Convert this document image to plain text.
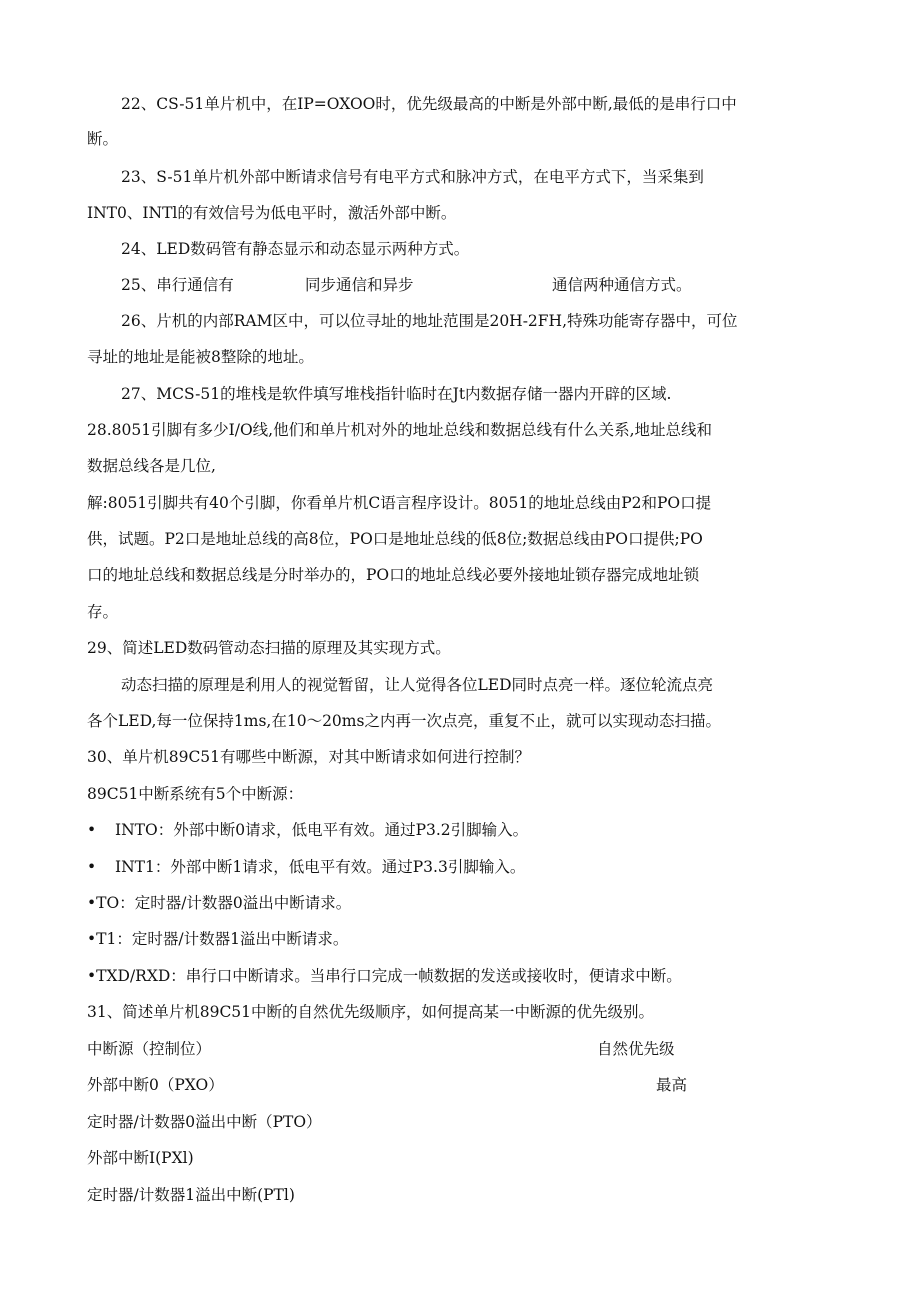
22、CS-51单片机中，在IP=OXOO时，优先级最高的中断是外部中断,最低的是串行口中
断。
23、S-51单片机外部中断请求信号有电平方式和脉冲方式，在电平方式下，当采集到
INT0、INTl的有效信号为低电平时，激活外部中断。
24、LED数码管有静态显示和动态显示两种方式。
25、串行通信有	同步通信和异步	通信两种通信方式。
26、片机的内部RAM区中，可以位寻址的地址范围是20H-2FH,特殊功能寄存器中，可位
寻址的地址是能被8整除的地址。
27、MCS-51的堆栈是软件填写堆栈指针临时在Jt内数据存储一器内开辟的区域.
28.8051引脚有多少I/O线,他们和单片机对外的地址总线和数据总线有什么关系,地址总线和
数据总线各是几位,
解:8051引脚共有40个引脚，你看单片机C语言程序设计。8051的地址总线由P2和PO口提
供，试题。P2口是地址总线的高8位，PO口是地址总线的低8位;数据总线由PO口提供;PO
口的地址总线和数据总线是分时举办的，PO口的地址总线必要外接地址锁存器完成地址锁
存。
29、简述LED数码管动态扫描的原理及其实现方式。
动态扫描的原理是利用人的视觉暂留，让人觉得各位LED同时点亮一样。逐位轮流点亮
各个LED,每一位保持1ms,在10～20ms之内再一次点亮，重复不止，就可以实现动态扫描。
30、单片机89C51有哪些中断源，对其中断请求如何进行控制？
89C51中断系统有5个中断源：
• INTO：外部中断0请求，低电平有效。通过P3.2引脚输入。
• INT1：外部中断1请求，低电平有效。通过P3.3引脚输入。
•TO：定时器/计数器0溢出中断请求。
•T1：定时器/计数器1溢出中断请求。
•TXD/RXD：串行口中断请求。当串行口完成一帧数据的发送或接收时，便请求中断。
31、简述单片机89C51中断的自然优先级顺序，如何提高某一中断源的优先级别。
中断源（控制位）	自然优先级
外部中断0（PXO）	最高
定时器/计数器0溢出中断（PTO）
外部中断I(PXl)
定时器/计数器1溢出中断(PTl)
